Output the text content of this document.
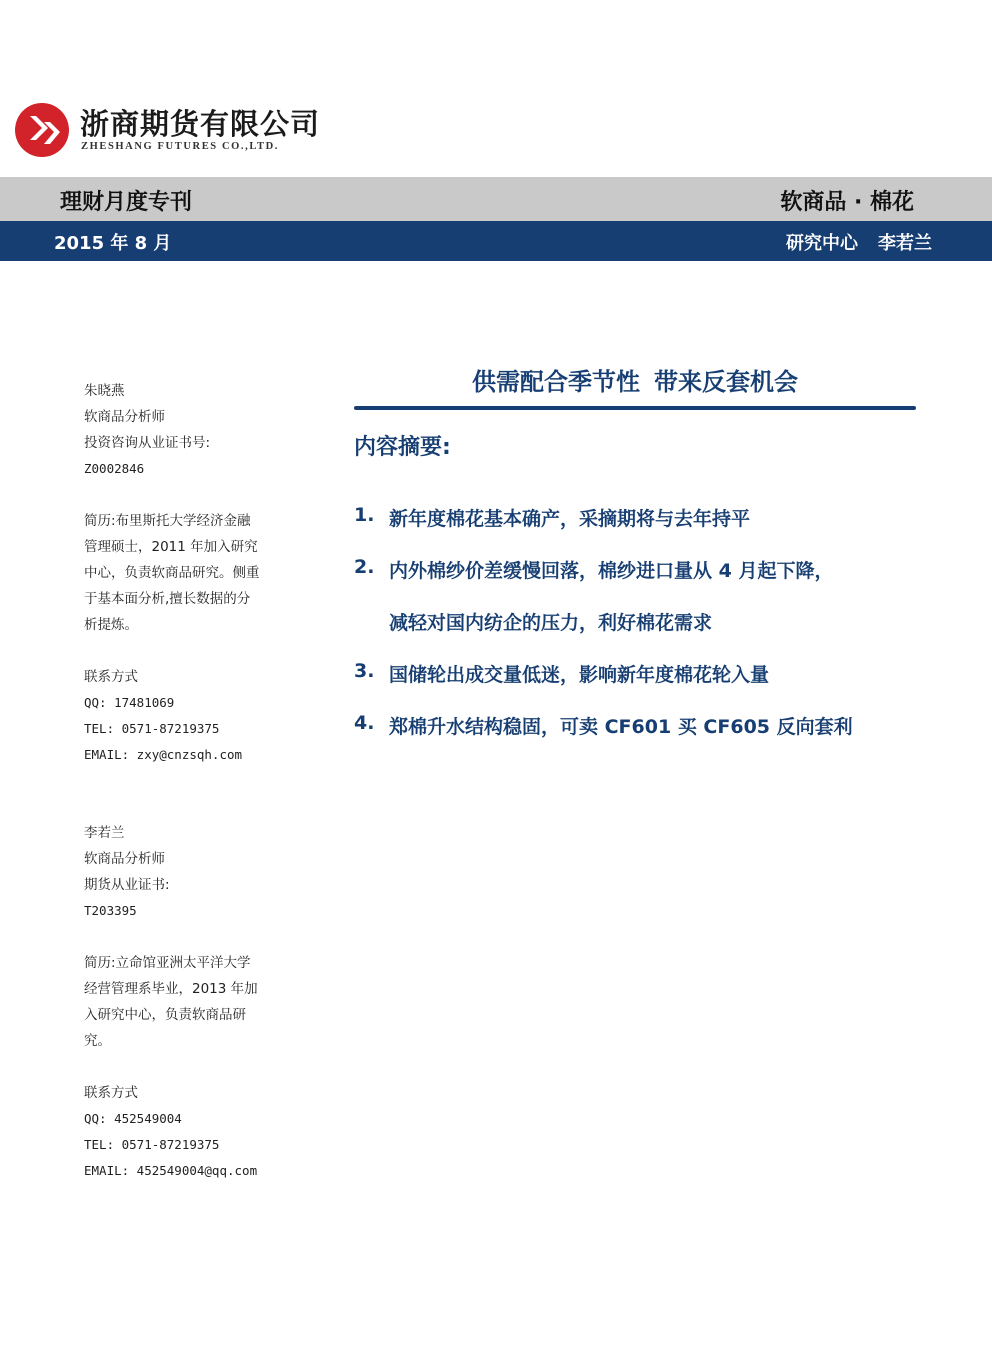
浙商期货有限公司
ZHESHANG FUTURES CO.,LTD.
理财月度专刊	软商品 · 棉花
2015 年 8 月	研究中心 李若兰
朱晓燕
软商品分析师
投资咨询从业证书号:
Z0002846
简历:布里斯托大学经济金融
管理硕士，2011 年加入研究
中心，负责软商品研究。侧重
于基本面分析,擅长数据的分
析提炼。
联系方式
QQ: 17481069
TEL: 0571-87219375
EMAIL: zxy@cnzsqh.com
李若兰
软商品分析师
期货从业证书:
T203395
简历:立命馆亚洲太平洋大学
经营管理系毕业，2013 年加
入研究中心，负责软商品研
究。
联系方式
QQ: 452549004
TEL: 0571-87219375
EMAIL: 452549004@qq.com
供需配合季节性 带来反套机会
内容摘要:
1. 新年度棉花基本确产，采摘期将与去年持平
2. 内外棉纱价差缓慢回落，棉纱进口量从 4 月起下降，
减轻对国内纺企的压力，利好棉花需求
3. 国储轮出成交量低迷，影响新年度棉花轮入量
4. 郑棉升水结构稳固，可卖 CF601 买 CF605 反向套利
